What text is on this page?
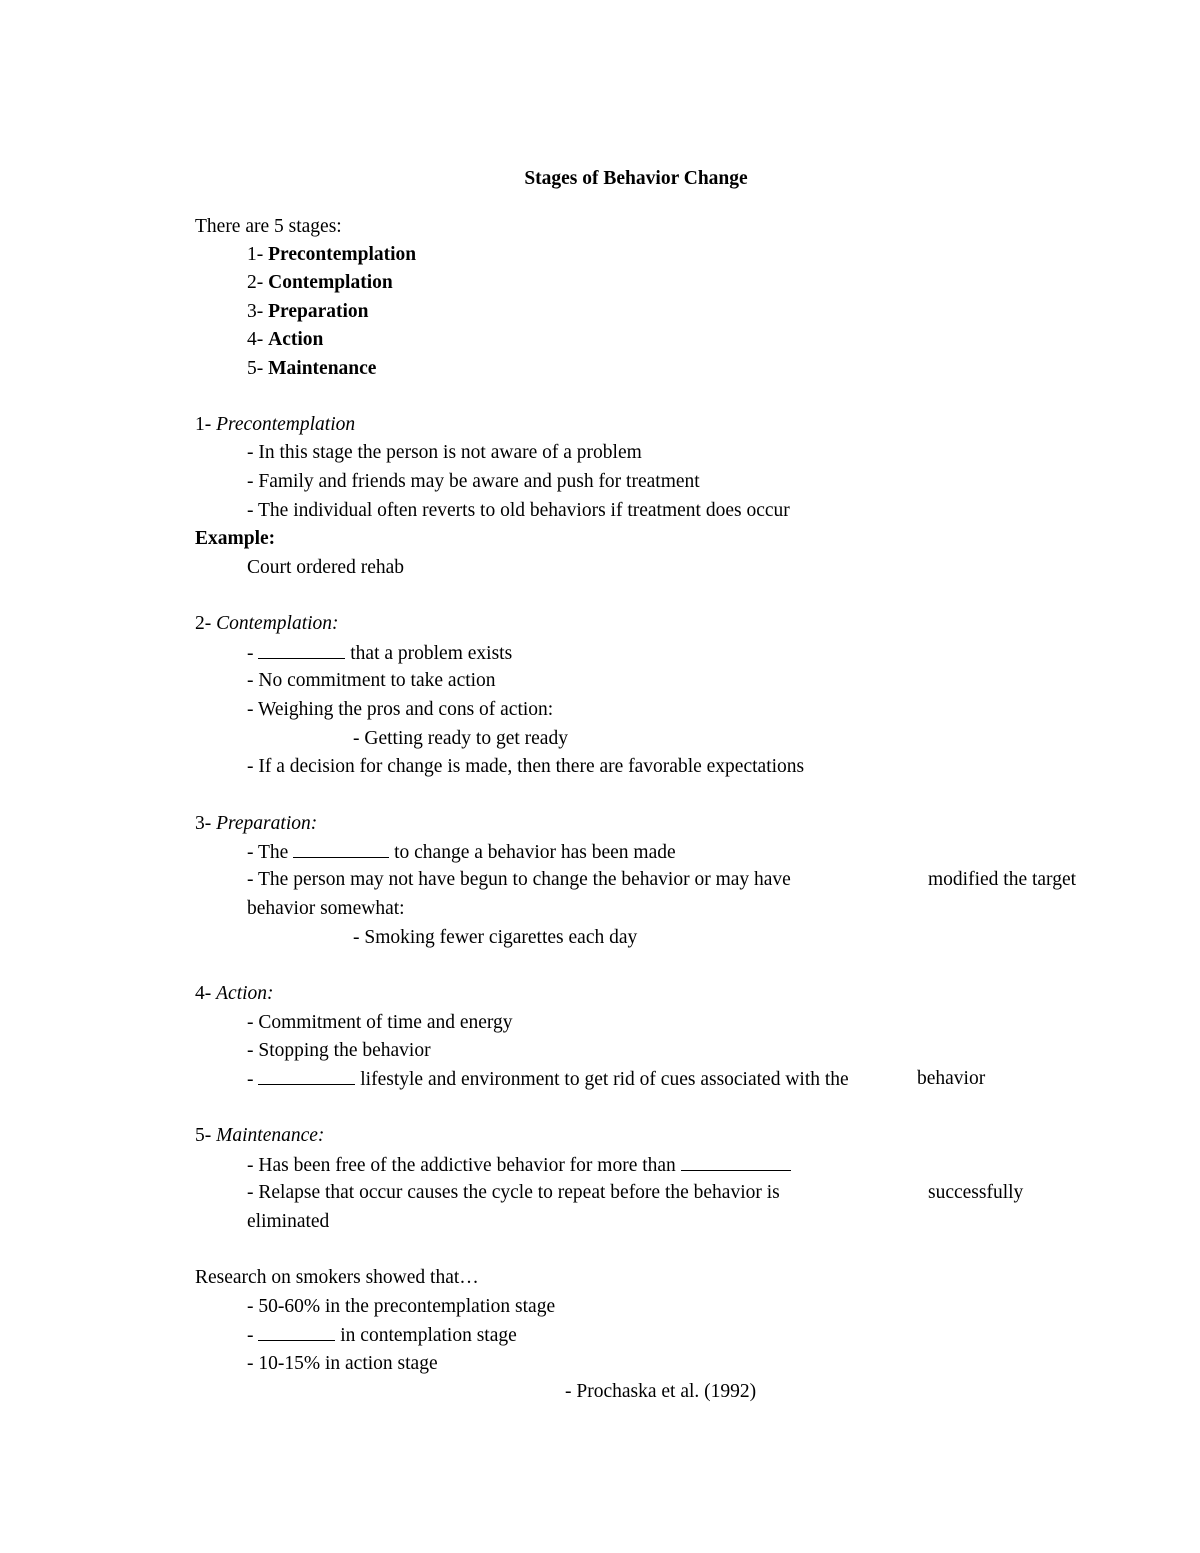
Stages of Behavior Change
There are 5 stages:
1- Precontemplation
2- Contemplation
3- Preparation
4- Action
5- Maintenance
1- Precontemplation
- In this stage the person is not aware of a problem
- Family and friends may be aware and push for treatment
- The individual often reverts to old behaviors if treatment does occur
Example:
Court ordered rehab
2- Contemplation:
-	that a problem exists
- No commitment to take action
- Weighing the pros and cons of action:
- Getting ready to get ready
- If a decision for change is made, then there are favorable expectations
3- Preparation:
- The	to change a behavior has been made
- The person may not have begun to change the behavior or may have	modified the target
behavior somewhat:
- Smoking fewer cigarettes each day
4- Action:
- Commitment of time and energy
- Stopping the behavior
-	lifestyle and environment to get rid of cues associated with the	behavior
5- Maintenance:
- Has been free of the addictive behavior for more than
- Relapse that occur causes the cycle to repeat before the behavior is	successfully
eliminated
Research on smokers showed that…
- 50-60% in the precontemplation stage
-	in contemplation stage
- 10-15% in action stage
- Prochaska et al. (1992)
